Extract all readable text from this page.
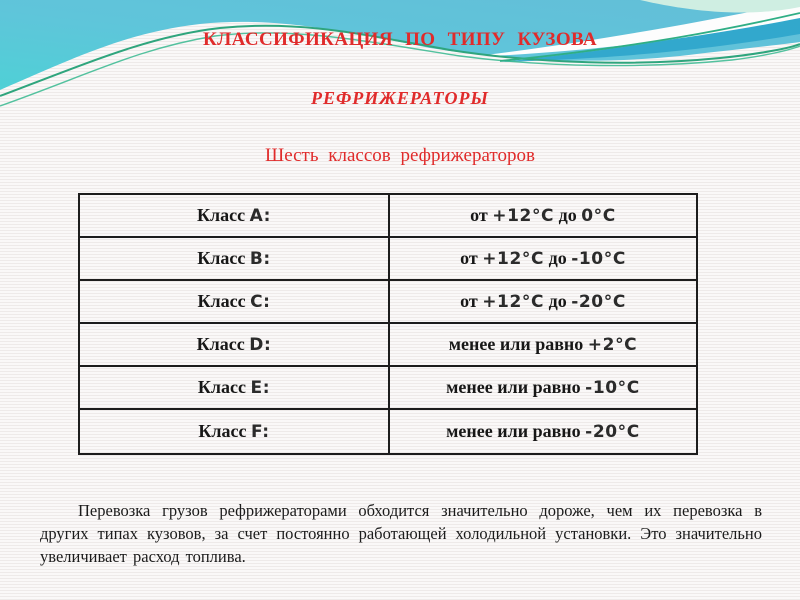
КЛАССИФИКАЦИЯ ПО ТИПУ КУЗОВА
РЕФРИЖЕРАТОРЫ
Шесть классов рефрижераторов
Класс A:	от +12°C до 0°C
Класс B:	от +12°C до -10°C
Класс C:	от +12°C до -20°C
Класс D:	менее или равно +2°C
Класс E:	менее или равно -10°C
Класс F:	менее или равно -20°C

Перевозка грузов рефрижераторами обходится значительно дороже, чем их перевозка в других типах кузовов, за счет постоянно работающей холодильной установки. Это значительно увеличивает расход топлива.
